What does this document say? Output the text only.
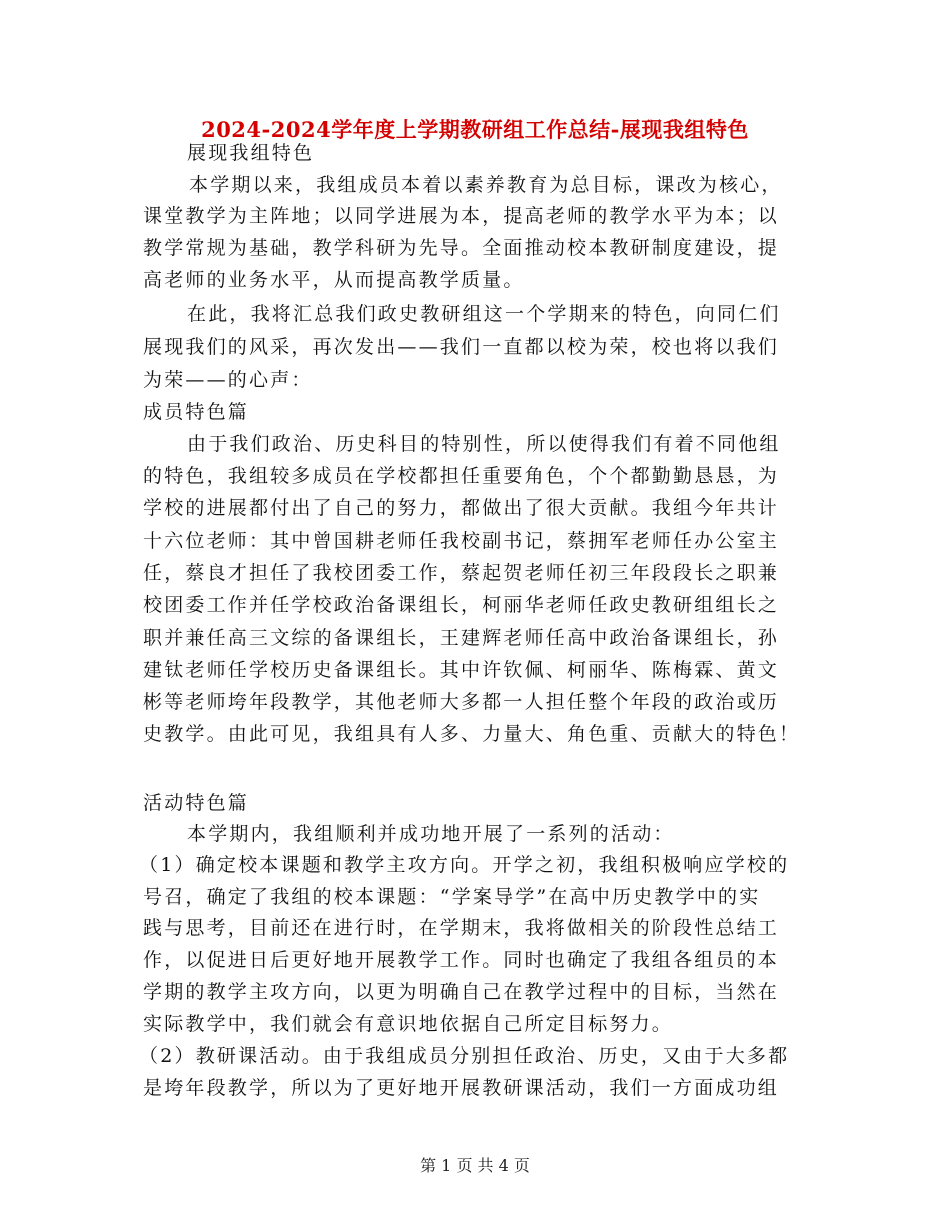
2024-2024学年度上学期教研组工作总结-展现我组特色
展现我组特色
本学期以来，我组成员本着以素养教育为总目标，课改为核心，
课堂教学为主阵地；以同学进展为本，提高老师的教学水平为本；以
教学常规为基础，教学科研为先导。全面推动校本教研制度建设，提
高老师的业务水平，从而提高教学质量。
在此，我将汇总我们政史教研组这一个学期来的特色，向同仁们
展现我们的风采，再次发出——我们一直都以校为荣，校也将以我们
为荣——的心声：
成员特色篇
由于我们政治、历史科目的特别性，所以使得我们有着不同他组
的特色，我组较多成员在学校都担任重要角色，个个都勤勤恳恳，为
学校的进展都付出了自己的努力，都做出了很大贡献。我组今年共计
十六位老师：其中曾国耕老师任我校副书记，蔡拥军老师任办公室主
任，蔡良才担任了我校团委工作，蔡起贺老师任初三年段段长之职兼
校团委工作并任学校政治备课组长，柯丽华老师任政史教研组组长之
职并兼任高三文综的备课组长，王建辉老师任高中政治备课组长，孙
建钛老师任学校历史备课组长。其中许钦佩、柯丽华、陈梅霖、黄文
彬等老师垮年段教学，其他老师大多都一人担任整个年段的政治或历
史教学。由此可见，我组具有人多、力量大、角色重、贡献大的特色！
活动特色篇
本学期内，我组顺利并成功地开展了一系列的活动：
（1）确定校本课题和教学主攻方向。开学之初，我组积极响应学校的
号召，确定了我组的校本课题：“学案导学”在高中历史教学中的实
践与思考，目前还在进行时，在学期末，我将做相关的阶段性总结工
作，以促进日后更好地开展教学工作。同时也确定了我组各组员的本
学期的教学主攻方向，以更为明确自己在教学过程中的目标，当然在
实际教学中，我们就会有意识地依据自己所定目标努力。
（2）教研课活动。由于我组成员分别担任政治、历史，又由于大多都
是垮年段教学，所以为了更好地开展教研课活动，我们一方面成功组
第 1 页 共 4 页
